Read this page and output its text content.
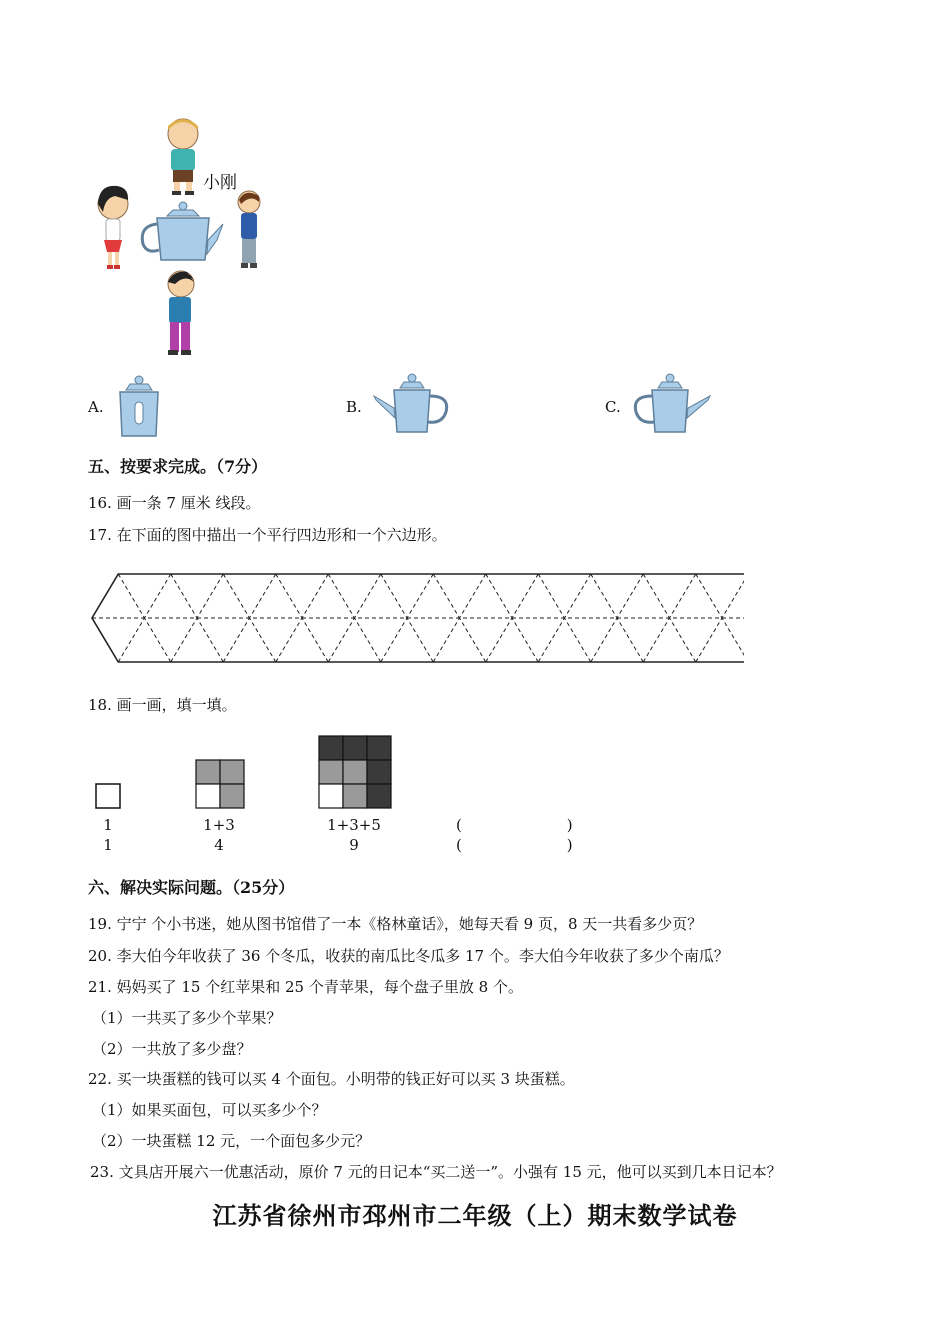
小刚
A.	B.	C.
五、按要求完成。（7分）
16. 画一条 7 厘米 线段。
17. 在下面的图中描出一个平行四边形和一个六边形。
18. 画一画，填一填。
1	1+3	1+3+5	(                      )
1	4	9	(                      )
六、解决实际问题。（25分）
19. 宁宁 个小书迷，她从图书馆借了一本《格林童话》，她每天看 9 页，8 天一共看多少页？
20. 李大伯今年收获了 36 个冬瓜，收获的南瓜比冬瓜多 17 个。李大伯今年收获了多少个南瓜？
21. 妈妈买了 15 个红苹果和 25 个青苹果，每个盘子里放 8 个。
（1）一共买了多少个苹果？
（2）一共放了多少盘？
22. 买一块蛋糕的钱可以买 4 个面包。小明带的钱正好可以买 3 块蛋糕。
（1）如果买面包，可以买多少个？
（2）一块蛋糕 12 元，一个面包多少元？
23. 文具店开展六一优惠活动，原价 7 元的日记本“买二送一”。小强有 15 元，他可以买到几本日记本？
江苏省徐州市邳州市二年级（上）期末数学试卷
